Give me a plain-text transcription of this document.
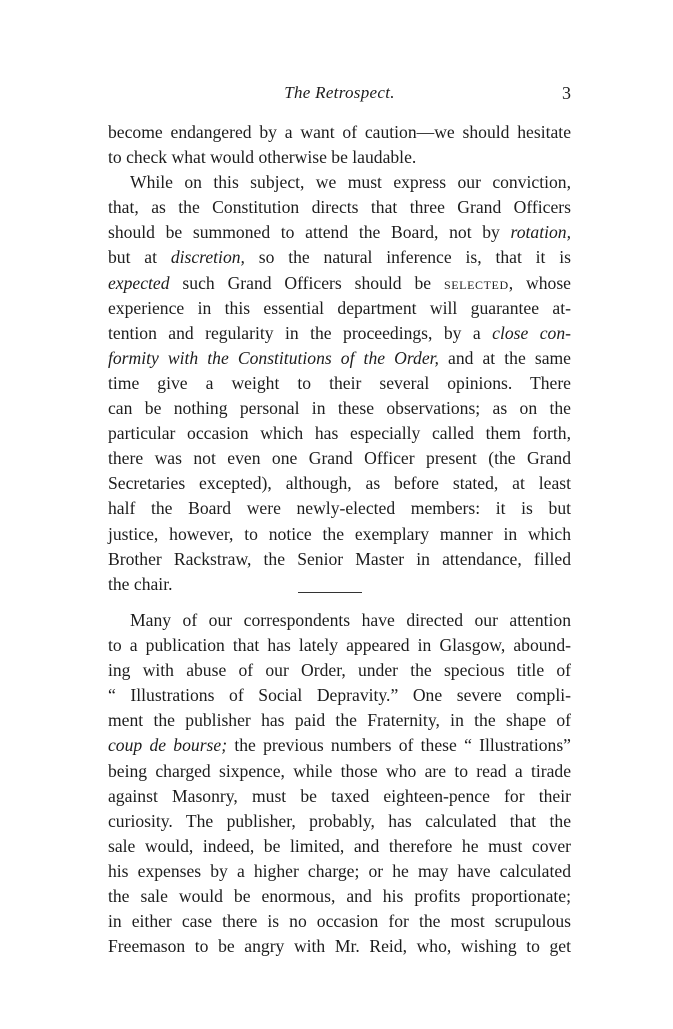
The Retrospect.	3
become endangered by a want of caution—we should hesitate
to check what would otherwise be laudable.
While on this subject, we must express our conviction,
that, as the Constitution directs that three Grand Officers
should be summoned to attend the Board, not by rotation,
but at discretion, so the natural inference is, that it is
expected such Grand Officers should be selected, whose
experience in this essential department will guarantee at-
tention and regularity in the proceedings, by a close con-
formity with the Constitutions of the Order, and at the same
time give a weight to their several opinions. There
can be nothing personal in these observations; as on the
particular occasion which has especially called them forth,
there was not even one Grand Officer present (the Grand
Secretaries excepted), although, as before stated, at least
half the Board were newly-elected members: it is but
justice, however, to notice the exemplary manner in which
Brother Rackstraw, the Senior Master in attendance, filled
the chair.
Many of our correspondents have directed our attention
to a publication that has lately appeared in Glasgow, abound-
ing with abuse of our Order, under the specious title of
“ Illustrations of Social Depravity.” One severe compli-
ment the publisher has paid the Fraternity, in the shape of
coup de bourse; the previous numbers of these “ Illustrations”
being charged sixpence, while those who are to read a tirade
against Masonry, must be taxed eighteen-pence for their
curiosity. The publisher, probably, has calculated that the
sale would, indeed, be limited, and therefore he must cover
his expenses by a higher charge; or he may have calculated
the sale would be enormous, and his profits proportionate;
in either case there is no occasion for the most scrupulous
Freemason to be angry with Mr. Reid, who, wishing to get
